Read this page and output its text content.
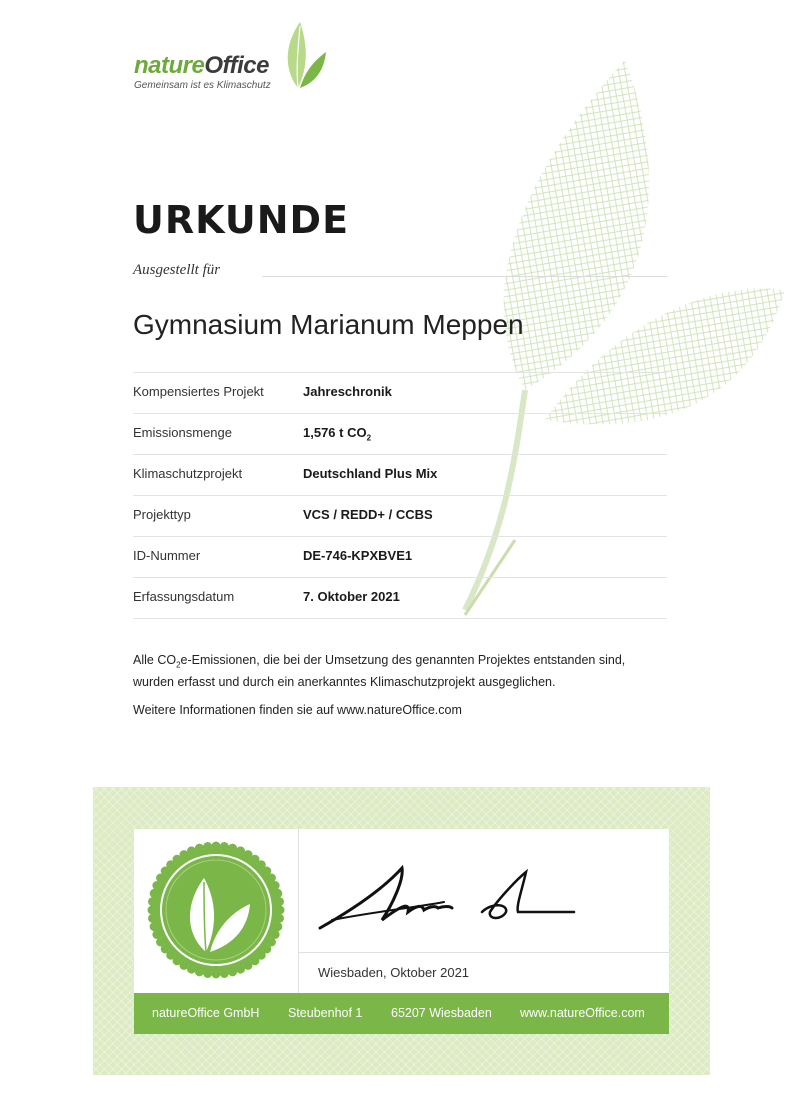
natureOffice
Gemeinsam ist es Klimaschutz
URKUNDE
Ausgestellt für
Gymnasium Marianum Meppen
Kompensiertes Projekt	Jahreschronik
Emissionsmenge	1,576 t $CO_2$
Klimaschutzprojekt	Deutschland Plus Mix
Projekttyp	VCS / REDD+ / CCBS
ID-Nummer	DE-746-KPXBVE1
Erfassungsdatum	7. Oktober 2021
Alle $CO_2e$-Emissionen, die bei der Umsetzung des genannten Projektes entstanden sind, wurden erfasst und durch ein anerkanntes Klimaschutzprojekt ausgeglichen.
Weitere Informationen finden sie auf www.natureOffice.com
Wiesbaden, Oktober 2021
natureOffice GmbH Steubenhof 1 65207 Wiesbaden www.natureOffice.com
